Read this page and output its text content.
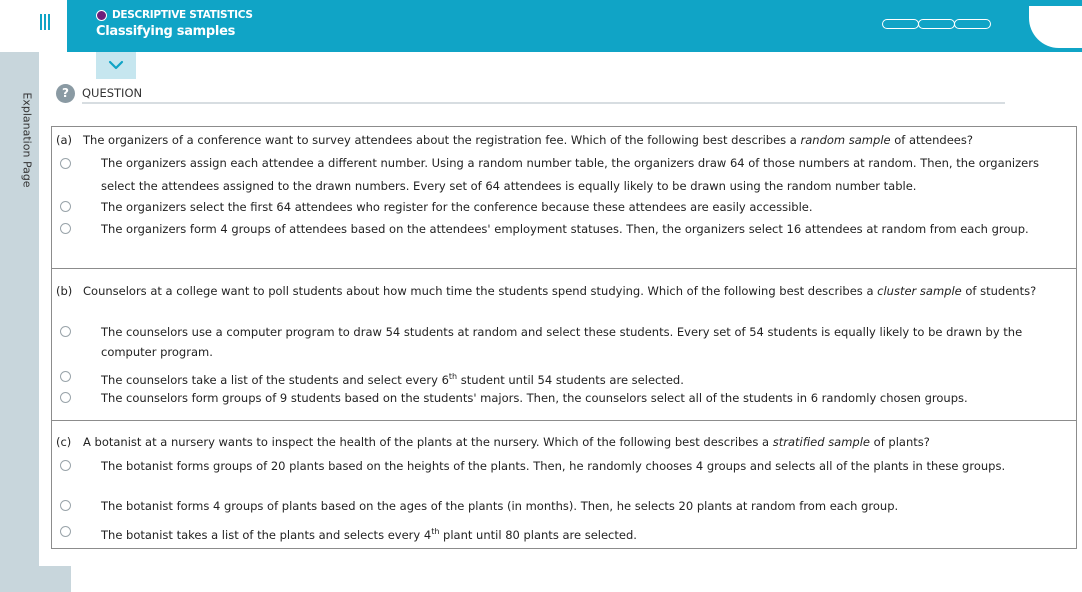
Explanation Page
DESCRIPTIVE STATISTICS
Classifying samples
?	QUESTION
(a) The organizers of a conference want to survey attendees about the registration fee. Which of the following best describes a random sample of attendees?
The organizers assign each attendee a different number. Using a random number table, the organizers draw 64 of those numbers at random. Then, the organizers select the attendees assigned to the drawn numbers. Every set of 64 attendees is equally likely to be drawn using the random number table.
The organizers select the first 64 attendees who register for the conference because these attendees are easily accessible.
The organizers form 4 groups of attendees based on the attendees' employment statuses. Then, the organizers select 16 attendees at random from each group.
(b) Counselors at a college want to poll students about how much time the students spend studying. Which of the following best describes a cluster sample of students?
The counselors use a computer program to draw 54 students at random and select these students. Every set of 54 students is equally likely to be drawn by the computer program.
The counselors take a list of the students and select every 6th student until 54 students are selected.
The counselors form groups of 9 students based on the students' majors. Then, the counselors select all of the students in 6 randomly chosen groups.
(c)	A botanist at a nursery wants to inspect the health of the plants at the nursery. Which of the following best describes a stratified sample of plants?
The botanist forms groups of 20 plants based on the heights of the plants. Then, he randomly chooses 4 groups and selects all of the plants in these groups.
The botanist forms 4 groups of plants based on the ages of the plants (in months). Then, he selects 20 plants at random from each group.
The botanist takes a list of the plants and selects every 4th plant until 80 plants are selected.
